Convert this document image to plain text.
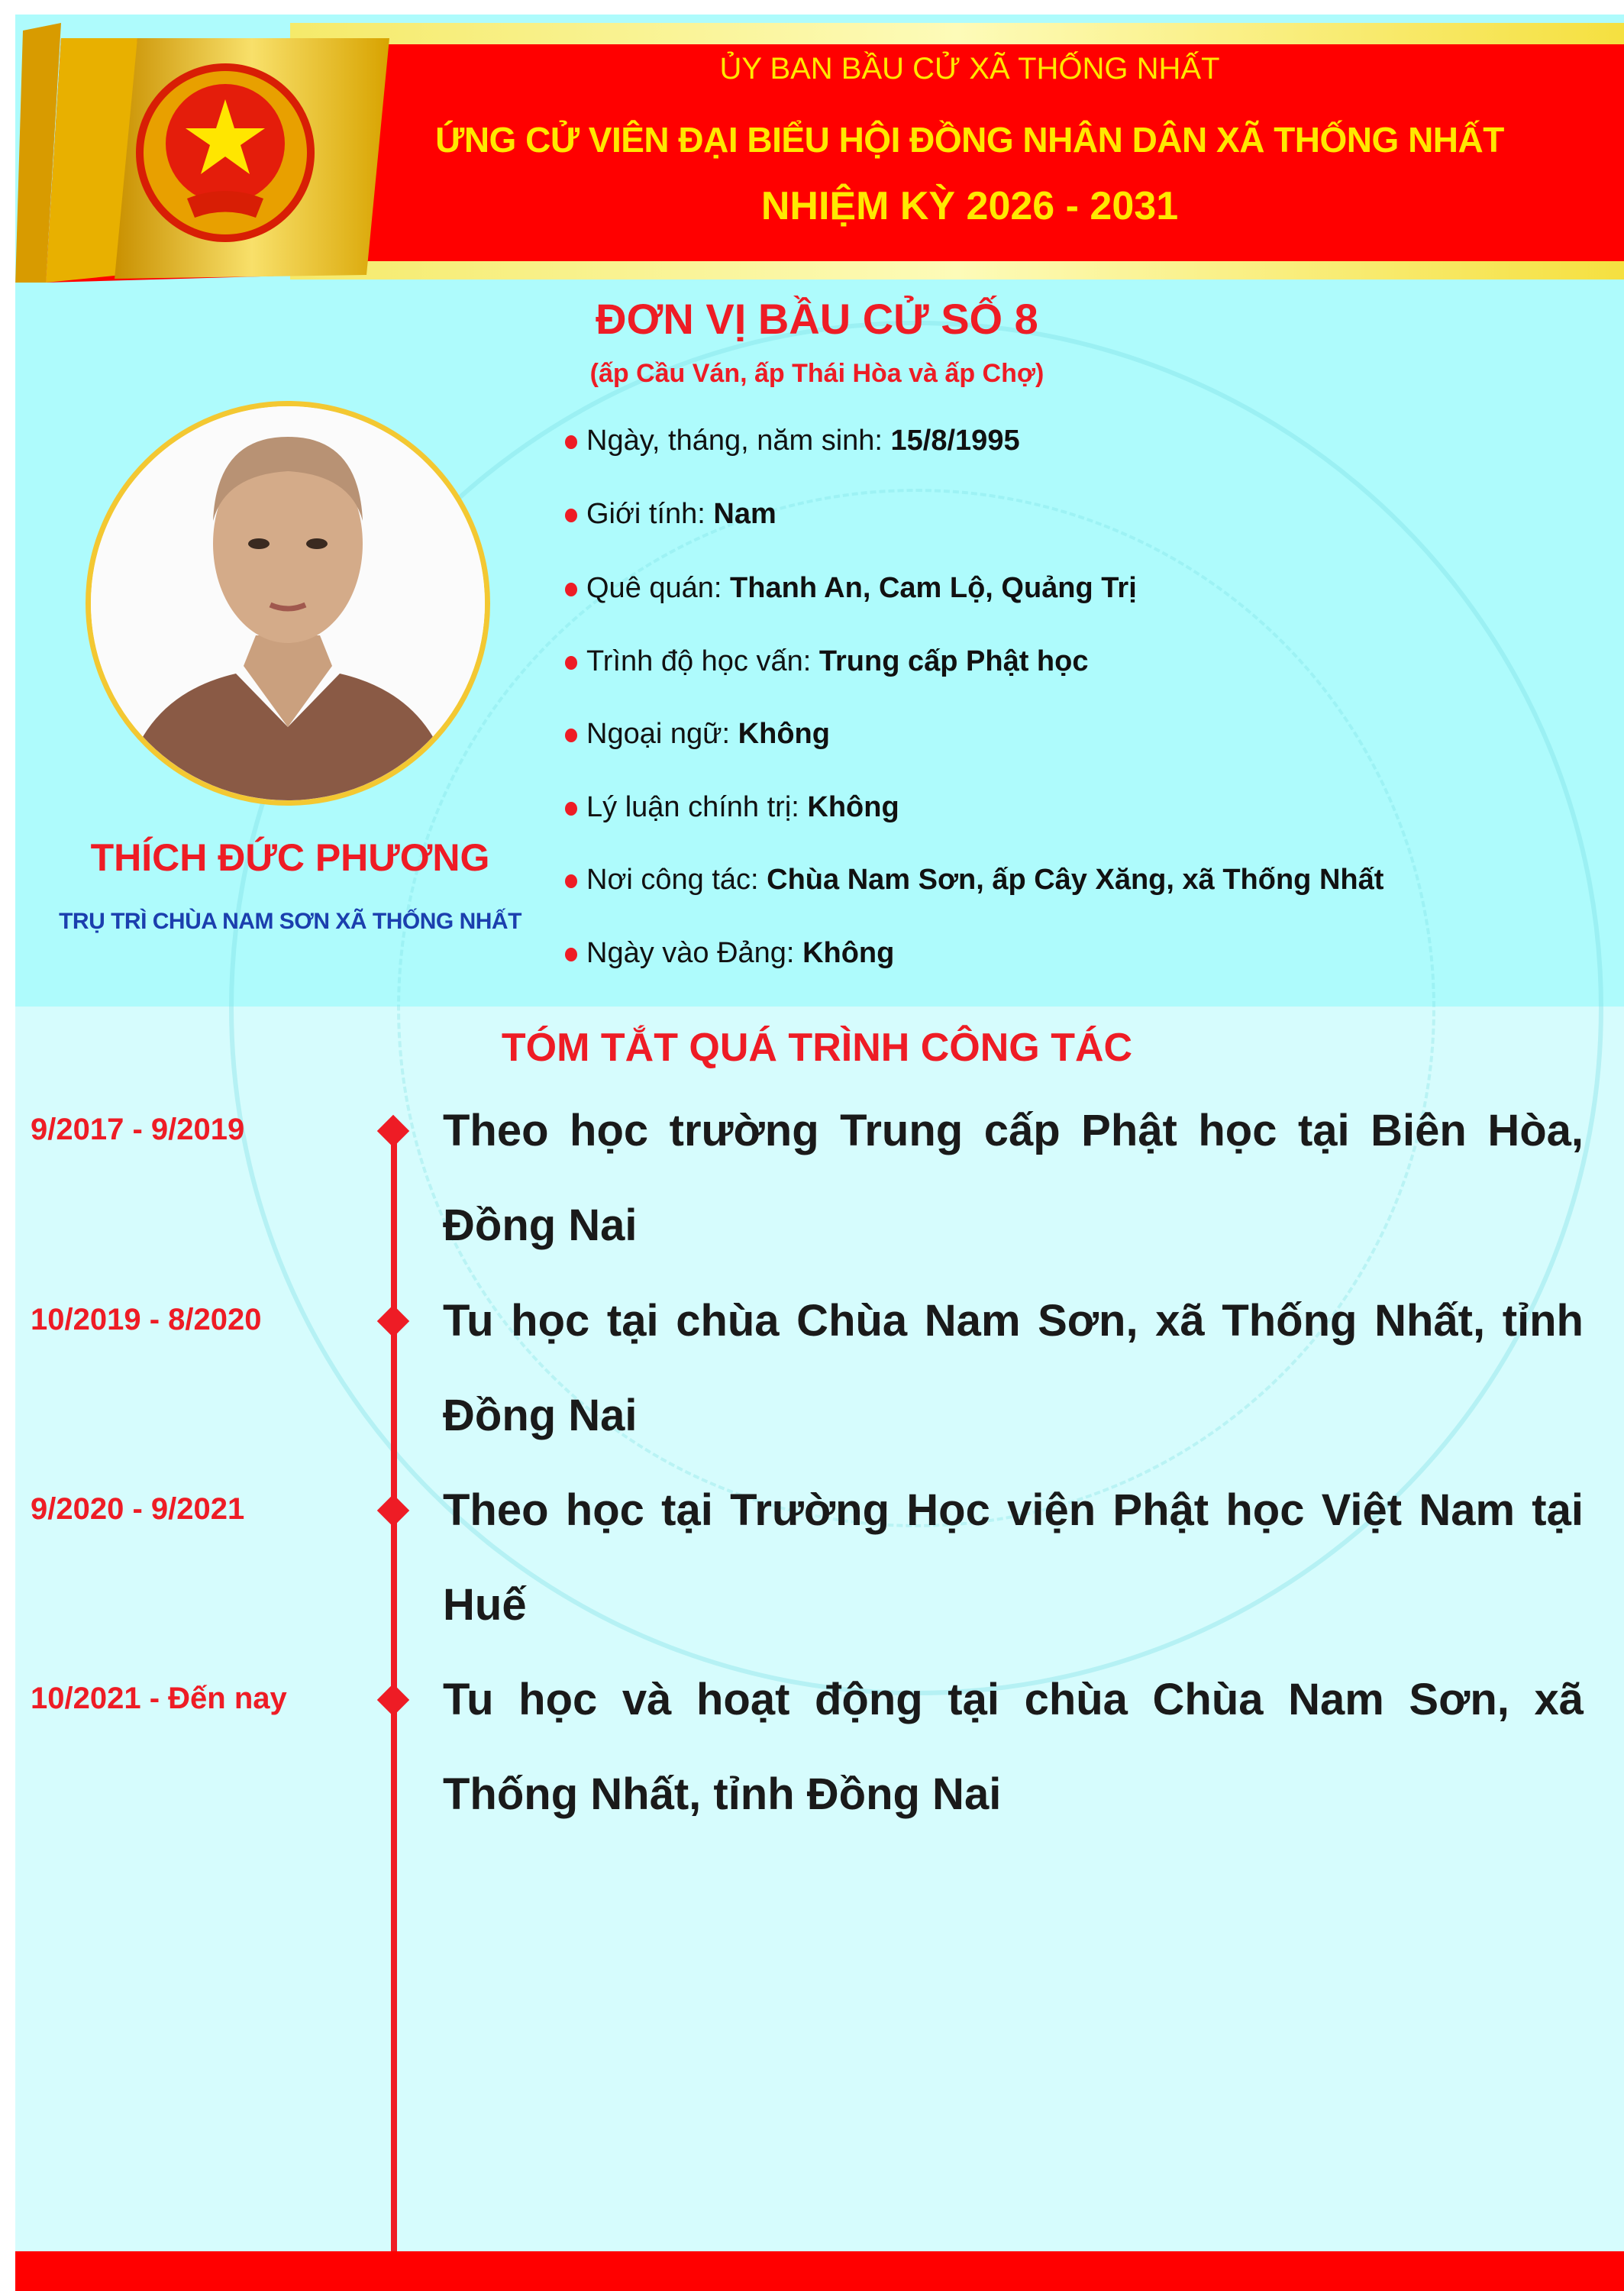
ỦY BAN BẦU CỬ XÃ THỐNG NHẤT
ỨNG CỬ VIÊN ĐẠI BIỂU HỘI ĐỒNG NHÂN DÂN XÃ THỐNG NHẤT
NHIỆM KỲ 2026 - 2031
ĐƠN VỊ BẦU CỬ SỐ 8
(ấp Cầu Ván, ấp Thái Hòa và ấp Chợ)
THÍCH ĐỨC PHƯƠNG
TRỤ TRÌ CHÙA NAM SƠN XÃ THỐNG NHẤT
Ngày, tháng, năm sinh: 15/8/1995
Giới tính: Nam
Quê quán: Thanh An, Cam Lộ, Quảng Trị
Trình độ học vấn: Trung cấp Phật học
Ngoại ngữ: Không
Lý luận chính trị: Không
Nơi công tác: Chùa Nam Sơn, ấp Cây Xăng, xã Thống Nhất
Ngày vào Đảng: Không
TÓM TẮT QUÁ TRÌNH CÔNG TÁC
9/2017 - 9/2019	Theo học trường Trung cấp Phật học tại Biên Hòa, Đồng Nai
10/2019 - 8/2020	Tu học tại chùa Chùa Nam Sơn, xã Thống Nhất, tỉnh Đồng Nai
9/2020 - 9/2021	Theo học tại Trường Học viện Phật học Việt Nam tại Huế
10/2021 - Đến nay	Tu học và hoạt động tại chùa Chùa Nam Sơn, xã Thống Nhất, tỉnh Đồng Nai
